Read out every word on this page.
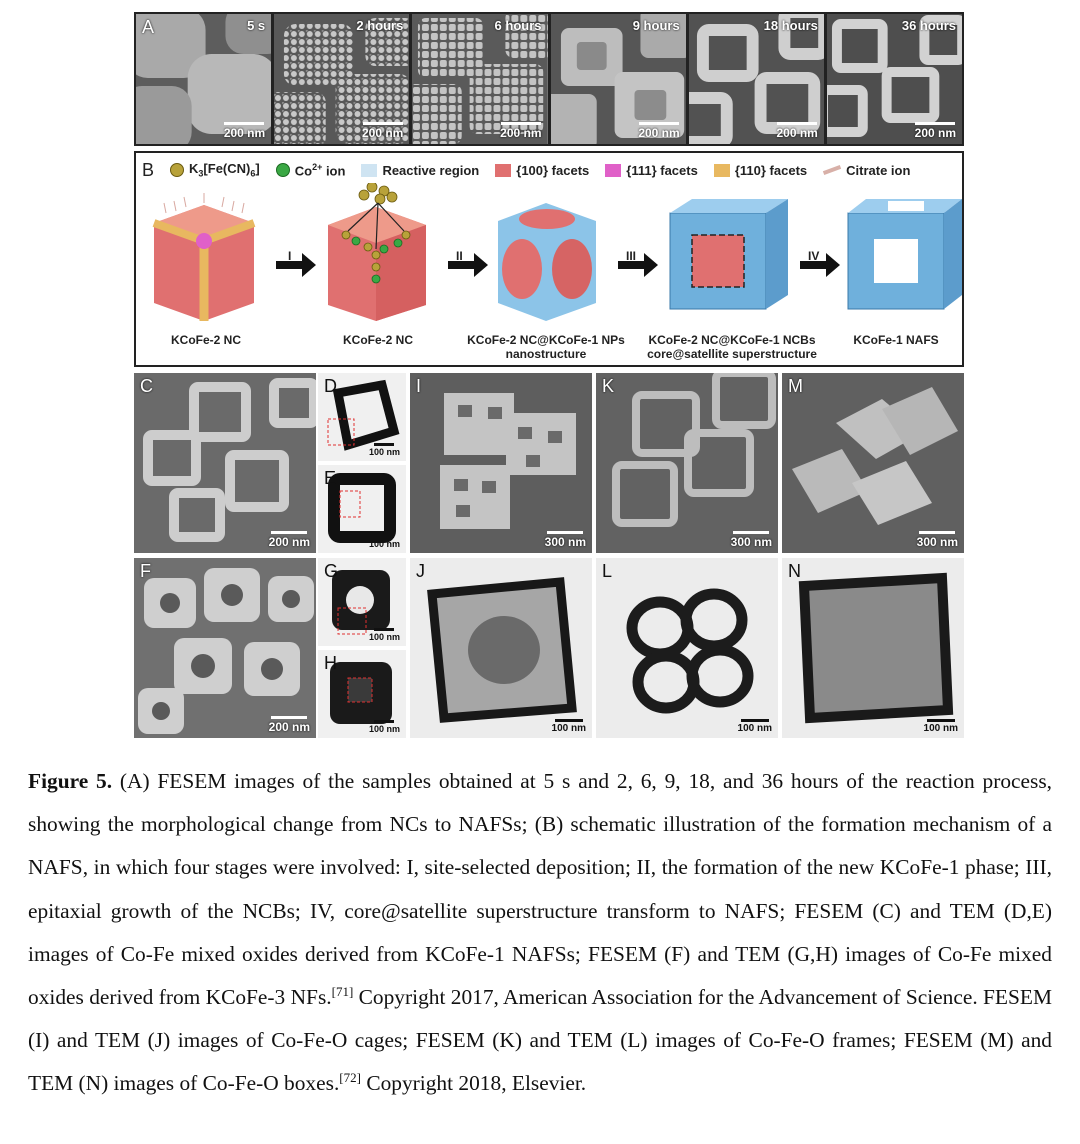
A	5 s
200 nm
2 hours
200 nm
6 hours
200 nm
9 hours
200 nm
18 hours
200 nm
36 hours
200 nm
B	$K_3[Fe(CN)_6]$	$Co^{2+}$ ion	Reactive region	{100} facets	{111} facets	{110} facets	Citrate ion
I	II	III	IV
KCoFe-2 NC	KCoFe-2 NC	KCoFe-2 NC@KCoFe-1 NPs
nanostructure
KCoFe-2 NC@KCoFe-1 NCBs
core@satellite superstructure
KCoFe-1 NAFS
C
200 nm
D
100 nm
E
100 nm
F
200 nm
G
100 nm
H
100 nm
I
300 nm
J
100 nm
K
300 nm
L
100 nm
M
300 nm
N
100 nm
Figure 5. (A) FESEM images of the samples obtained at 5 s and 2, 6, 9, 18, and 36 hours of the reaction process, showing the morphological change from NCs to NAFSs; (B) schematic illustration of the formation mechanism of a NAFS, in which four stages were involved: I, site-selected deposition; II, the formation of the new KCoFe-1 phase; III, epitaxial growth of the NCBs; IV, core@satellite superstructure transform to NAFS; FESEM (C) and TEM (D,E) images of Co-Fe mixed oxides derived from KCoFe-1 NAFSs; FESEM (F) and TEM (G,H) images of Co-Fe mixed oxides derived from KCoFe-3 NFs.[71] Copyright 2017, American Association for the Advancement of Science. FESEM (I) and TEM (J) images of Co-Fe-O cages; FESEM (K) and TEM (L) images of Co-Fe-O frames; FESEM (M) and TEM (N) images of Co-Fe-O boxes.[72] Copyright 2018, Elsevier.
